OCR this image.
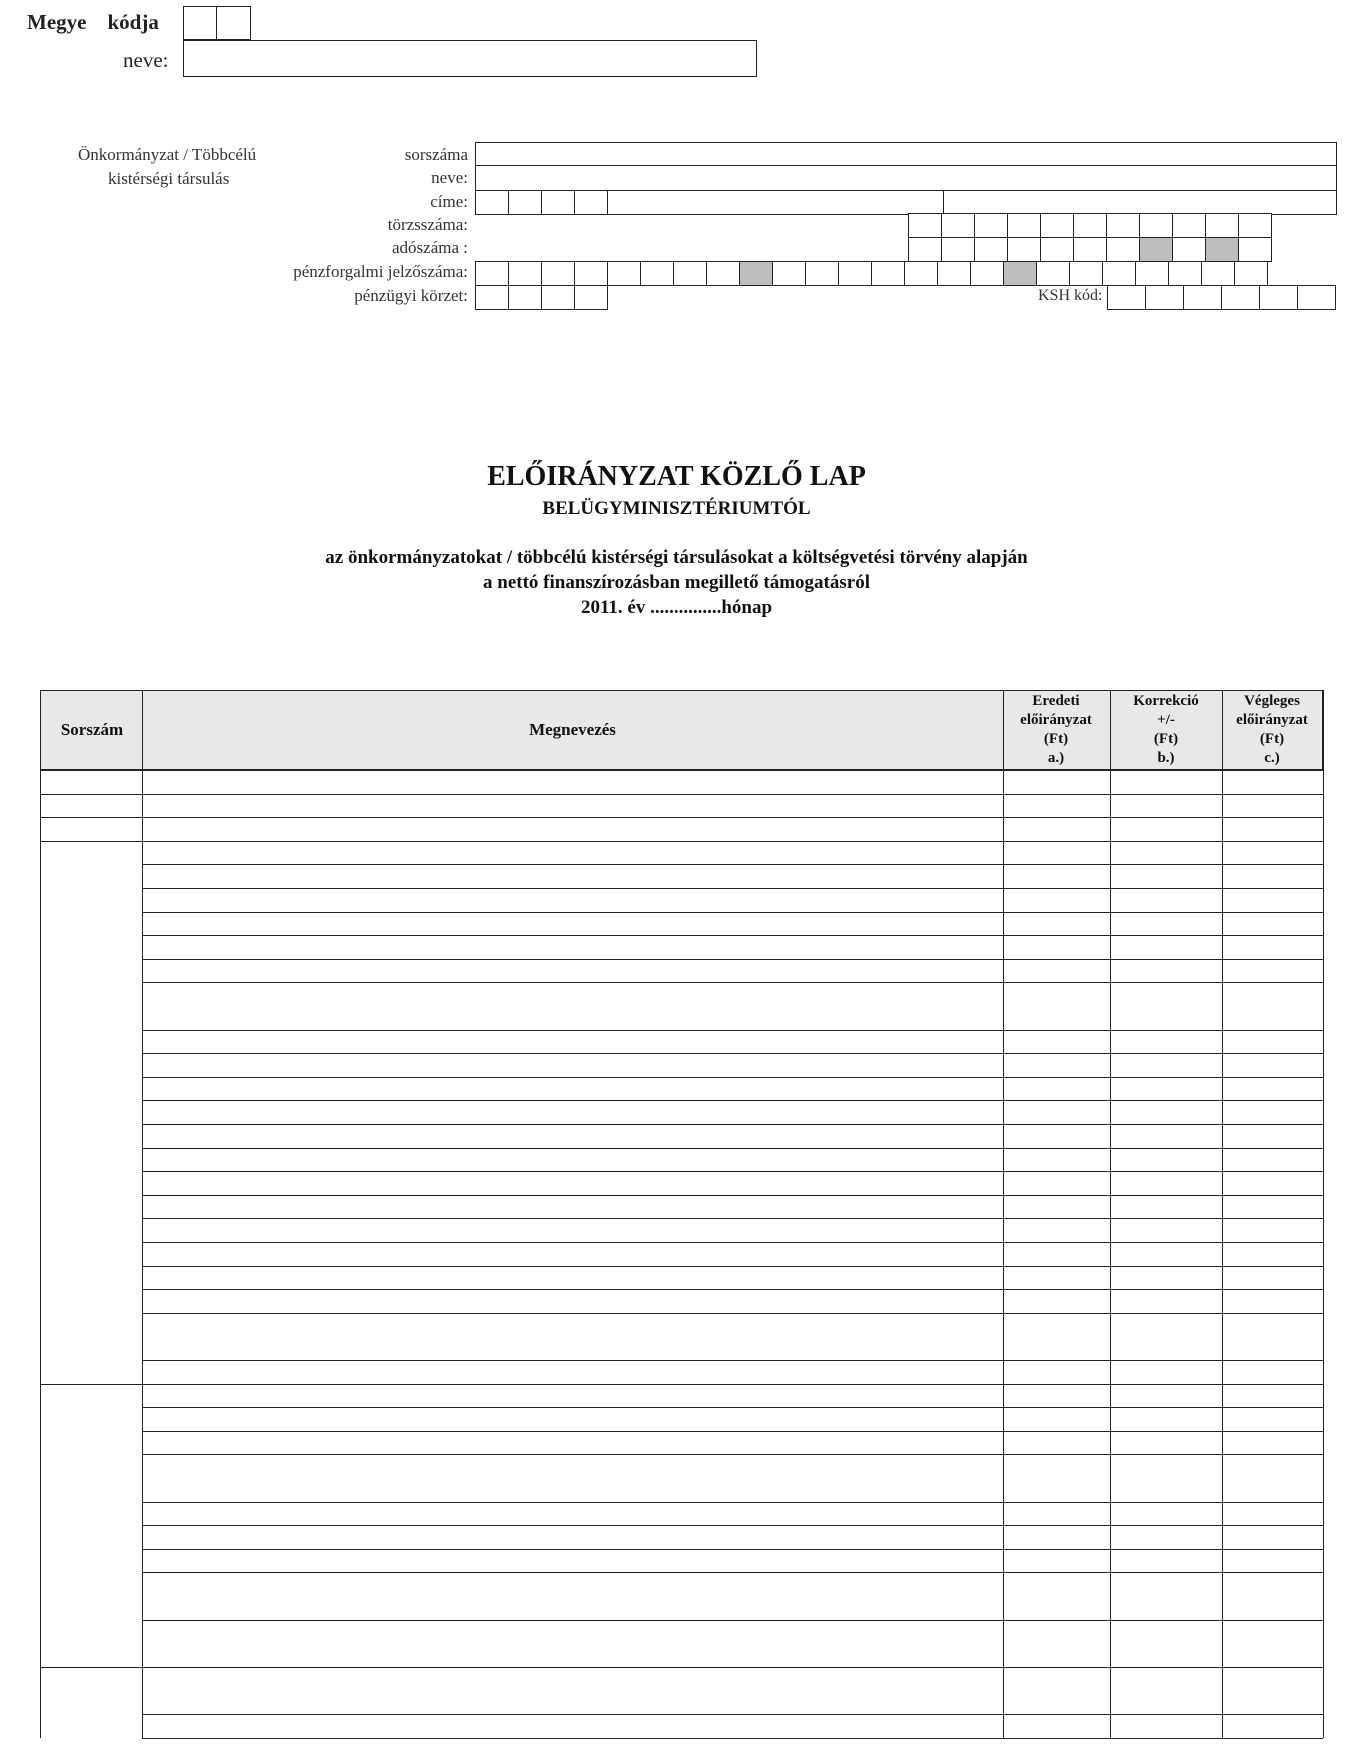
Megye    kódja
neve:
Önkormányzat / Többcélú
kistérségi társulás
sorszáma
neve:
címe:
törzsszáma:
adószáma :
pénzforgalmi jelzőszáma:
pénzügyi körzet:	KSH kód:
ELŐIRÁNYZAT KÖZLŐ LAP
BELÜGYMINISZTÉRIUMTÓL
az önkormányzatokat / többcélú kistérségi társulásokat a költségvetési törvény alapján
a nettó finanszírozásban megillető támogatásról
2011. év ...............hónap
Sorszám	Megnevezés
Eredeti
előirányzat
(Ft)
a.)
Korrekció
+/-
(Ft)
b.)
Végleges
előirányzat
(Ft)
c.)
